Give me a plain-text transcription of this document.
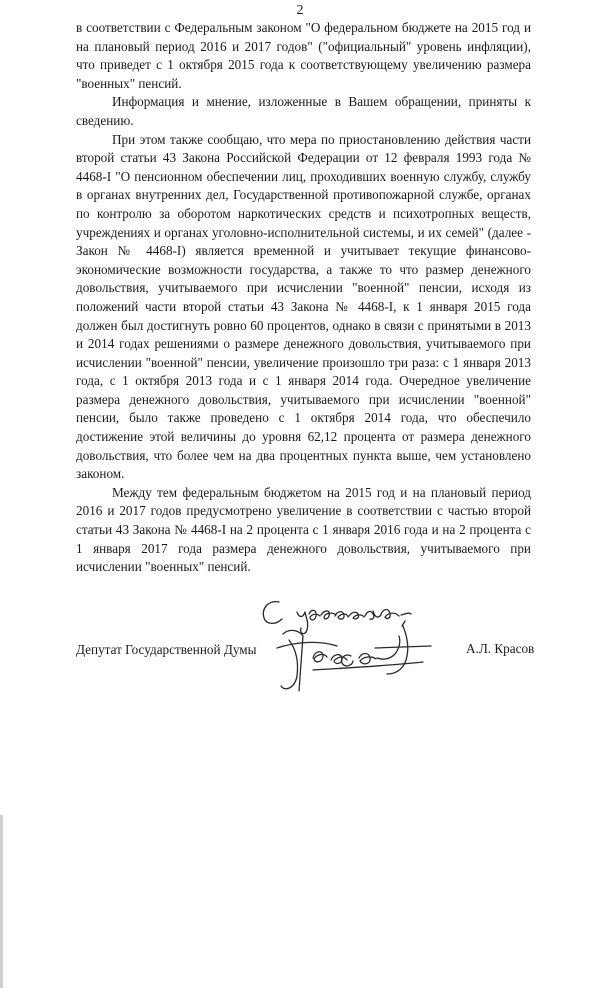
2

в соответствии с Федеральным законом "О федеральном бюджете на 2015 год и на плановый период 2016 и 2017 годов" ("официальный" уровень инфляции), что приведет с 1 октября 2015 года к соответствующему увеличению размера "военных" пенсий.

Информация и мнение, изложенные в Вашем обращении, приняты к сведению.

При этом также сообщаю, что мера по приостановлению действия части второй статьи 43 Закона Российской Федерации от 12 февраля 1993 года № 4468-I "О пенсионном обеспечении лиц, проходивших военную службу, службу в органах внутренних дел, Государственной противопожарной службе, органах по контролю за оборотом наркотических средств и психотропных веществ, учреждениях и органах уголовно-исполнительной системы, и их семей" (далее - Закон № 4468-I) является временной и учитывает текущие финансово-экономические возможности государства, а также то что размер денежного довольствия, учитываемого при исчислении "военной" пенсии, исходя из положений части второй статьи 43 Закона № 4468-I, к 1 января 2015 года должен был достигнуть ровно 60 процентов, однако в связи с принятыми в 2013 и 2014 годах решениями о размере денежного довольствия, учитываемого при исчислении "военной" пенсии, увеличение произошло три раза: с 1 января 2013 года, с 1 октября 2013 года и с 1 января 2014 года. Очередное увеличение размера денежного довольствия, учитываемого при исчислении "военной" пенсии, было также проведено с 1 октября 2014 года, что обеспечило достижение этой величины до уровня 62,12 процента от размера денежного довольствия, что более чем на два процентных пункта выше, чем установлено законом.

Между тем федеральным бюджетом на 2015 год и на плановый период 2016 и 2017 годов предусмотрено увеличение в соответствии с частью второй статьи 43 Закона № 4468-I на 2 процента с 1 января 2016 года и на 2 процента с 1 января 2017 года размера денежного довольствия, учитываемого при исчислении "военных" пенсий.

Депутат Государственной Думы	А.Л. Красов
